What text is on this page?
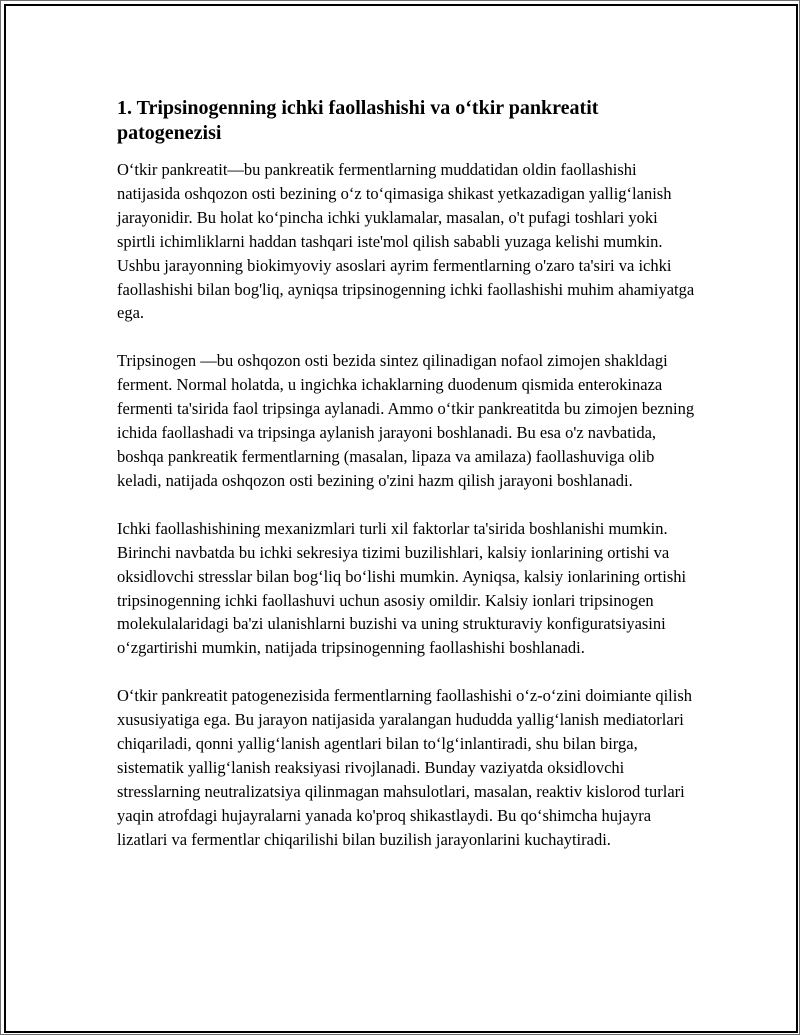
1. Tripsinogenning ichki faollashishi va o‘tkir pankreatit patogenezisi

O‘tkir pankreatit—bu pankreatik fermentlarning muddatidan oldin faollashishi natijasida oshqozon osti bezining o‘z to‘qimasiga shikast yetkazadigan yallig‘lanish jarayonidir. Bu holat ko‘pincha ichki yuklamalar, masalan, o't pufagi toshlari yoki spirtli ichimliklarni haddan tashqari iste'mol qilish sababli yuzaga kelishi mumkin. Ushbu jarayonning biokimyoviy asoslari ayrim fermentlarning o'zaro ta'siri va ichki faollashishi bilan bog'liq, ayniqsa tripsinogenning ichki faollashishi muhim ahamiyatga ega.

Tripsinogen —bu oshqozon osti bezida sintez qilinadigan nofaol zimojen shakldagi ferment. Normal holatda, u ingichka ichaklarning duodenum qismida enterokinaza fermenti ta'sirida faol tripsinga aylanadi. Ammo o‘tkir pankreatitda bu zimojen bezning ichida faollashadi va tripsinga aylanish jarayoni boshlanadi. Bu esa o'z navbatida, boshqa pankreatik fermentlarning (masalan, lipaza va amilaza) faollashuviga olib keladi, natijada oshqozon osti bezining o'zini hazm qilish jarayoni boshlanadi.

Ichki faollashishining mexanizmlari turli xil faktorlar ta'sirida boshlanishi mumkin. Birinchi navbatda bu ichki sekresiya tizimi buzilishlari, kalsiy ionlarining ortishi va oksidlovchi stresslar bilan bog‘liq bo‘lishi mumkin. Ayniqsa, kalsiy ionlarining ortishi tripsinogenning ichki faollashuvi uchun asosiy omildir. Kalsiy ionlari tripsinogen molekulalaridagi ba'zi ulanishlarni buzishi va uning strukturaviy konfiguratsiyasini o‘zgartirishi mumkin, natijada tripsinogenning faollashishi boshlanadi.

O‘tkir pankreatit patogenezisida fermentlarning faollashishi o‘z-o‘zini doimiante qilish xususiyatiga ega. Bu jarayon natijasida yaralangan hududda yallig‘lanish mediatorlari chiqariladi, qonni yallig‘lanish agentlari bilan to‘lg‘inlantiradi, shu bilan birga, sistematik yallig‘lanish reaksiyasi rivojlanadi. Bunday vaziyatda oksidlovchi stresslarning neutralizatsiya qilinmagan mahsulotlari, masalan, reaktiv kislorod turlari yaqin atrofdagi hujayralarni yanada ko'proq shikastlaydi. Bu qo‘shimcha hujayra lizatlari va fermentlar chiqarilishi bilan buzilish jarayonlarini kuchaytiradi.
